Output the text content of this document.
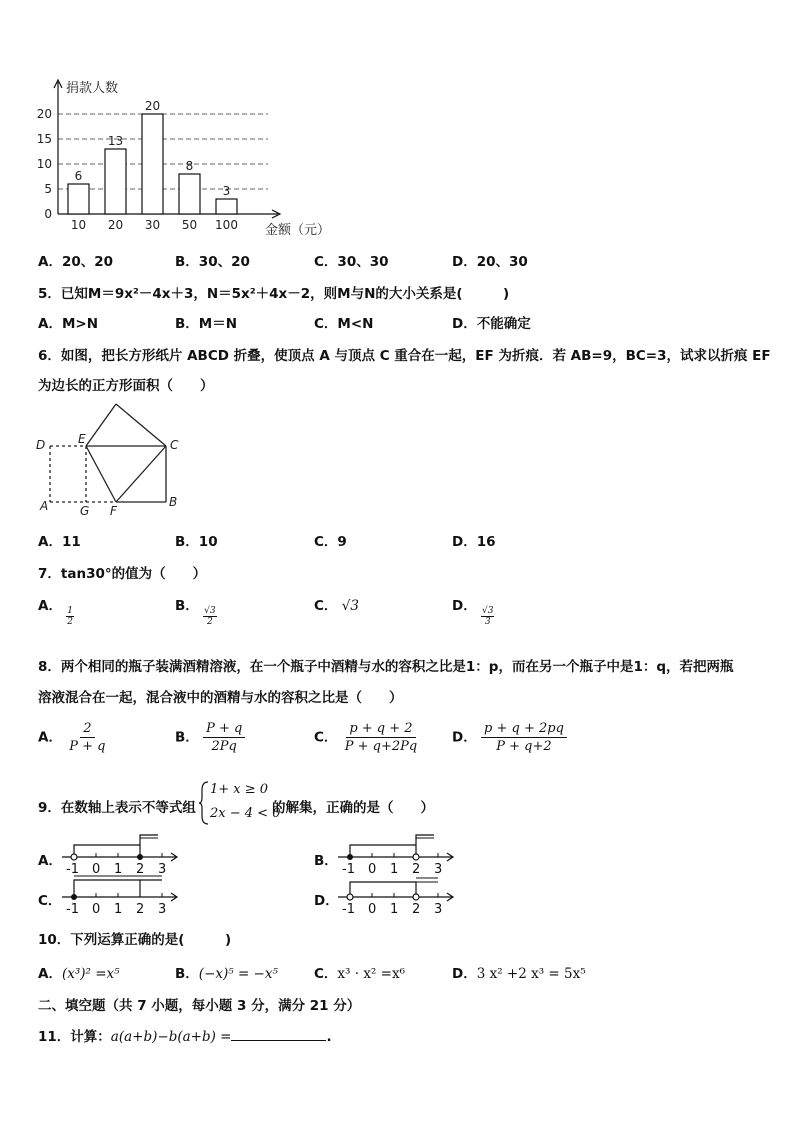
0
5
10
15
20
捐款人数
金额（元）
6
10
13
20
20
30
8
50
3
100
A．20、20	B．30、20	C．30、30	D．20、30
5．已知M＝9x²－4x＋3，N＝5x²＋4x－2，则M与N的大小关系是(　　　)
A．M>N	B．M＝N	C．M<N	D．不能确定
6．如图，把长方形纸片 ABCD 折叠，使顶点 A 与顶点 C 重合在一起，EF 为折痕．若 AB=9，BC=3，试求以折痕 EF
为边长的正方形面积（　　）
D	E	C
A	G F
B
A．11	B．10	C．9	D．16
7．tan30°的值为（　　）
A． $\frac{1}{2}$	B． $\frac{√3}{2}$	C． √3	D． $\frac{√3}{3}$
8．两个相同的瓶子装满酒精溶液，在一个瓶子中酒精与水的容积之比是1：p，而在另一个瓶子中是1：q，若把两瓶
溶液混合在一起，混合液中的酒精与水的容积之比是（　　）
A． $\frac{2}{P + q}$	B． $\frac{P + q}{2Pq}$	C． $\frac{p + q + 2}{P + q+2Pq}$ D． $\frac{p + q + 2pq}{P + q+2}$
9．在数轴上表示不等式组
1+ x ≥ 0
2x − 4 < 0
的解集，正确的是（　　）
A．
-1 0 1 2 3
B．
-1 0 1 2 3
C．
-1 0 1 2 3
D．
-1 0 1 2 3
10．下列运算正确的是(　　　)
A．(x³)² =x⁵	B．(−x)⁵ = −x⁵	C．x³ · x² =x⁶	D．3 x² +2 x³ = 5x⁵
二、填空题（共 7 小题，每小题 3 分，满分 21 分）
11．计算：a(a+b)−b(a+b) =	.
